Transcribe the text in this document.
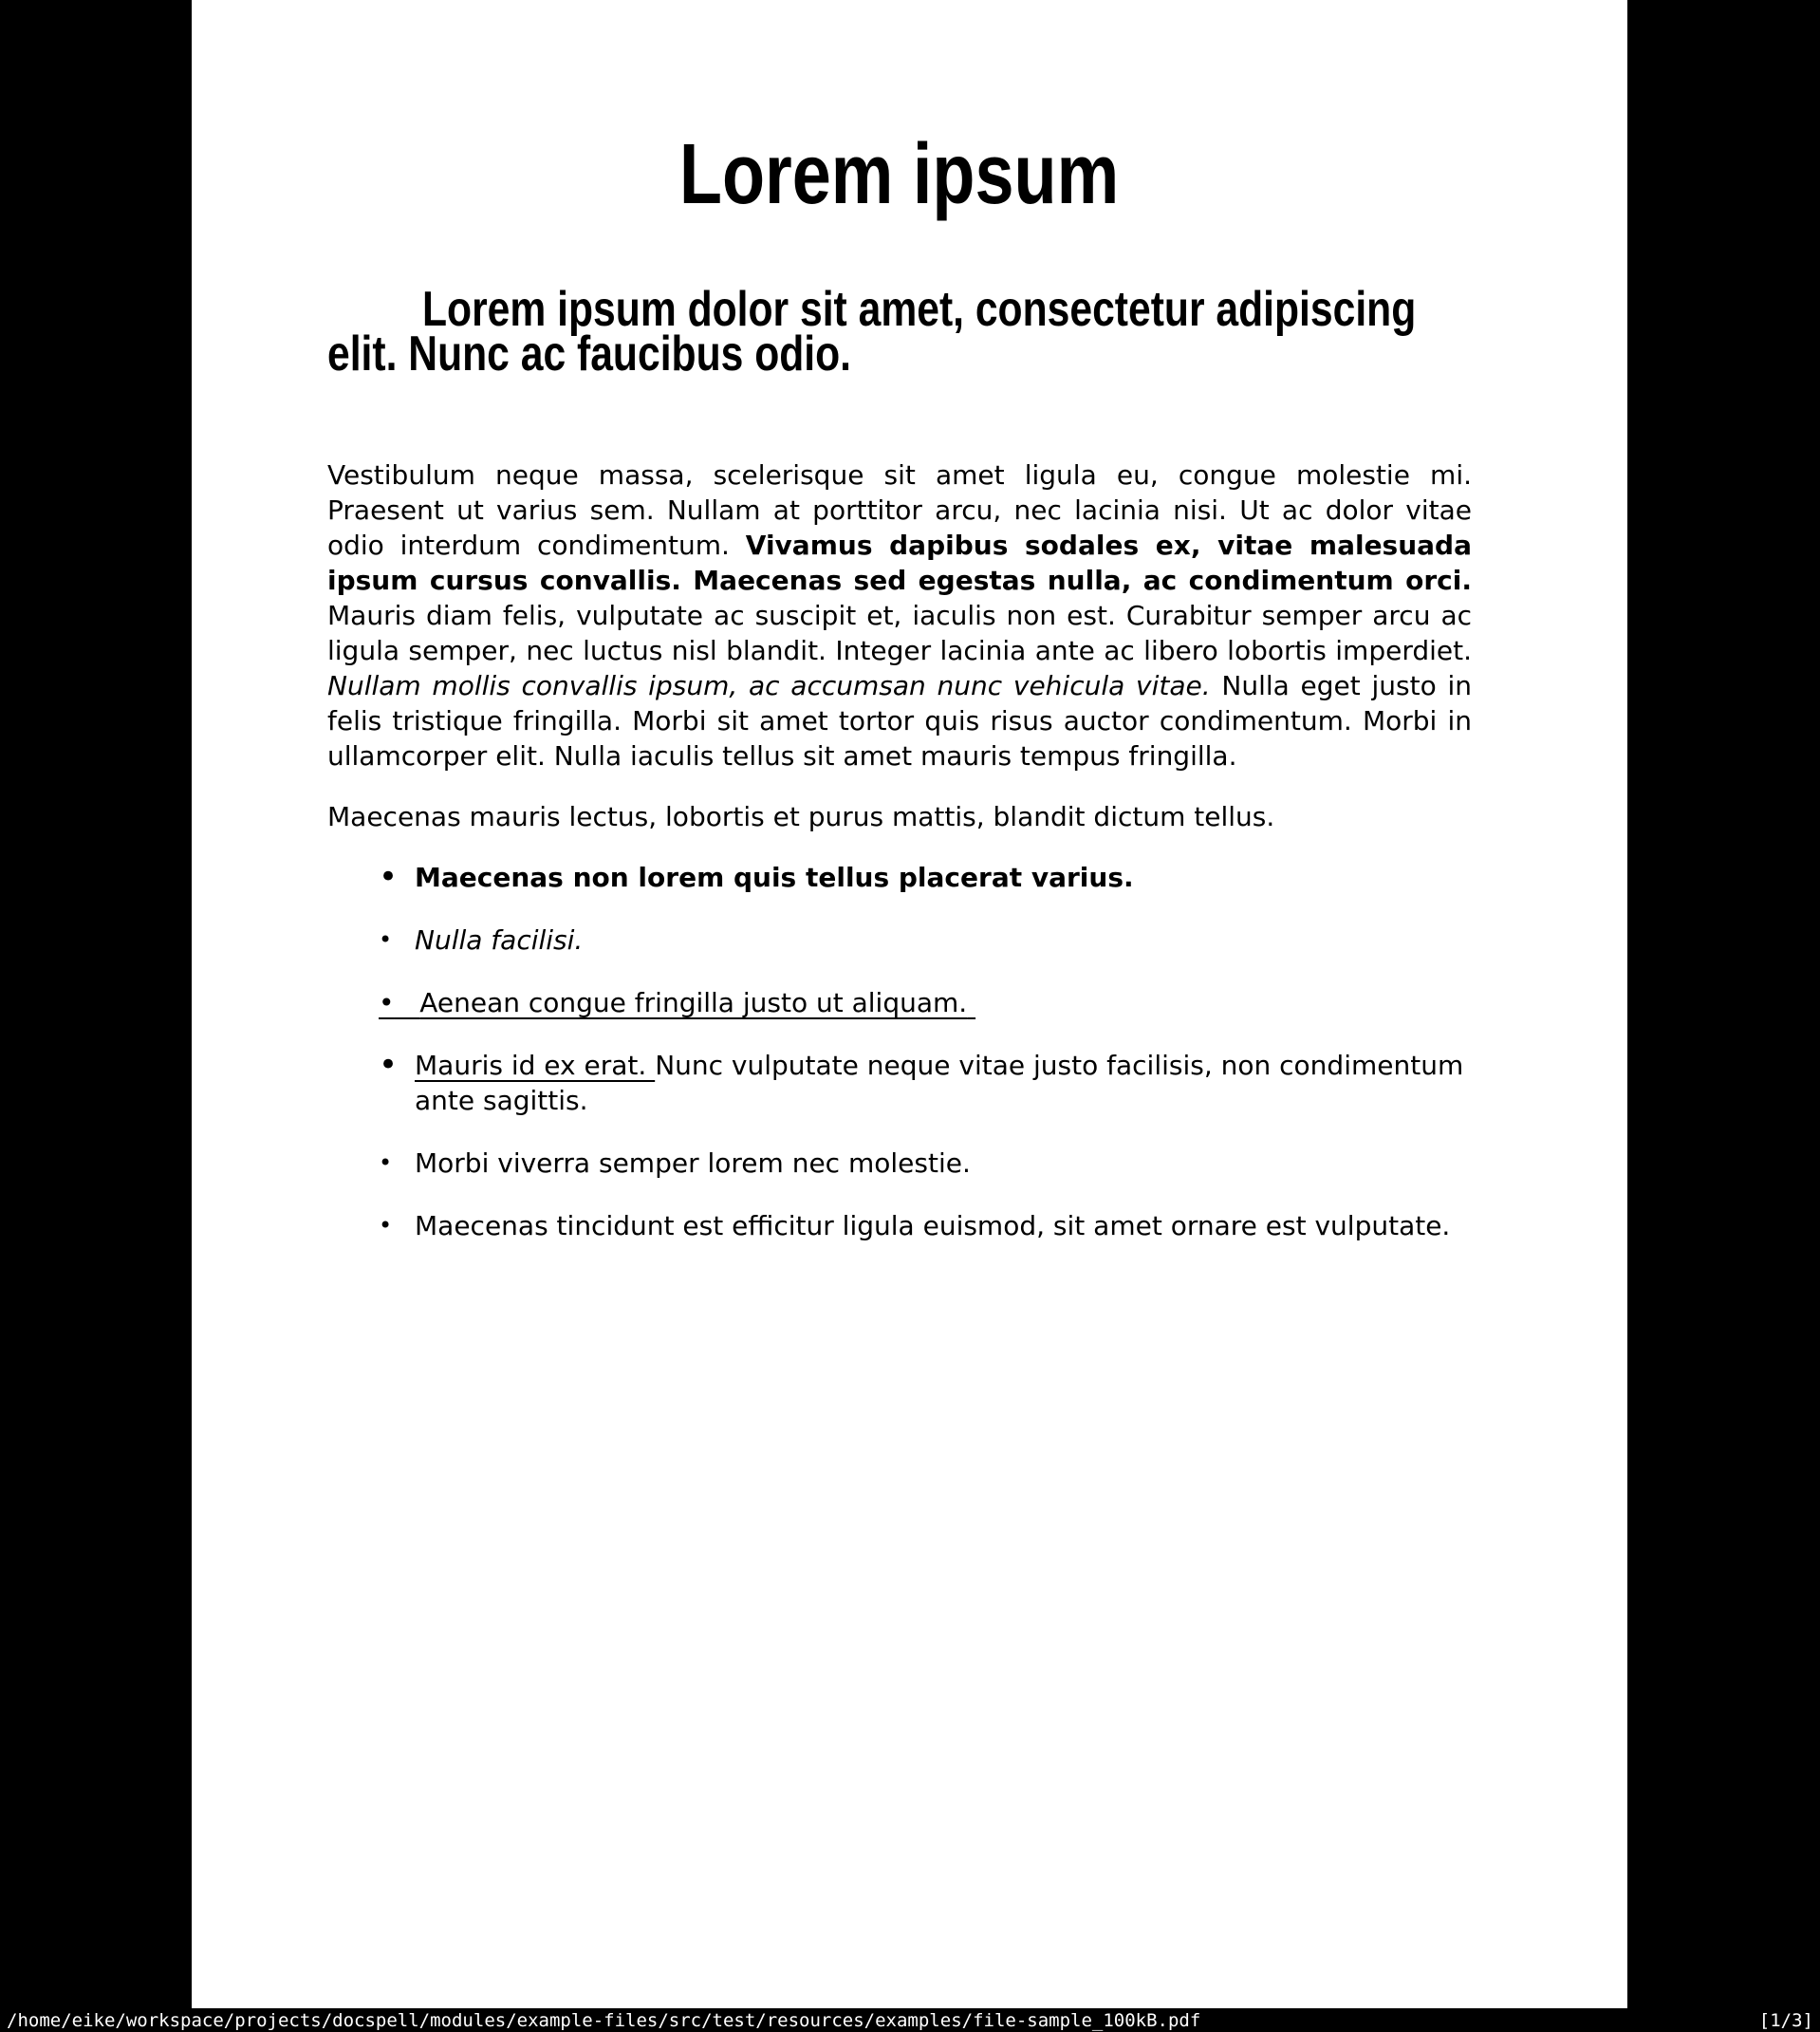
Lorem ipsum
Lorem ipsum dolor sit amet, consectetur adipiscing
elit. Nunc ac faucibus odio.

Vestibulum neque massa, scelerisque sit amet ligula eu, congue molestie mi. Praesent ut varius sem. Nullam at porttitor arcu, nec lacinia nisi. Ut ac dolor vitae odio interdum condimentum. Vivamus dapibus sodales ex, vitae malesuada ipsum cursus convallis. Maecenas sed egestas nulla, ac condimentum orci. Mauris diam felis, vulputate ac suscipit et, iaculis non est. Curabitur semper arcu ac ligula semper, nec luctus nisl blandit. Integer lacinia ante ac libero lobortis imperdiet. Nullam mollis convallis ipsum, ac accumsan nunc vehicula vitae. Nulla eget justo in felis tristique fringilla. Morbi sit amet tortor quis risus auctor condimentum. Morbi in ullamcorper elit. Nulla iaculis tellus sit amet mauris tempus fringilla.

Maecenas mauris lectus, lobortis et purus mattis, blandit dictum tellus.

• Maecenas non lorem quis tellus placerat varius.
• Nulla facilisi.
• Aenean congue fringilla justo ut aliquam.
• Mauris id ex erat. Nunc vulputate neque vitae justo facilisis, non condimentum ante sagittis.
• Morbi viverra semper lorem nec molestie.
• Maecenas tincidunt est efficitur ligula euismod, sit amet ornare est vulputate.
/home/eike/workspace/projects/docspell/modules/example-files/src/test/resources/examples/file-sample_100kB.pdf	[1/3]
